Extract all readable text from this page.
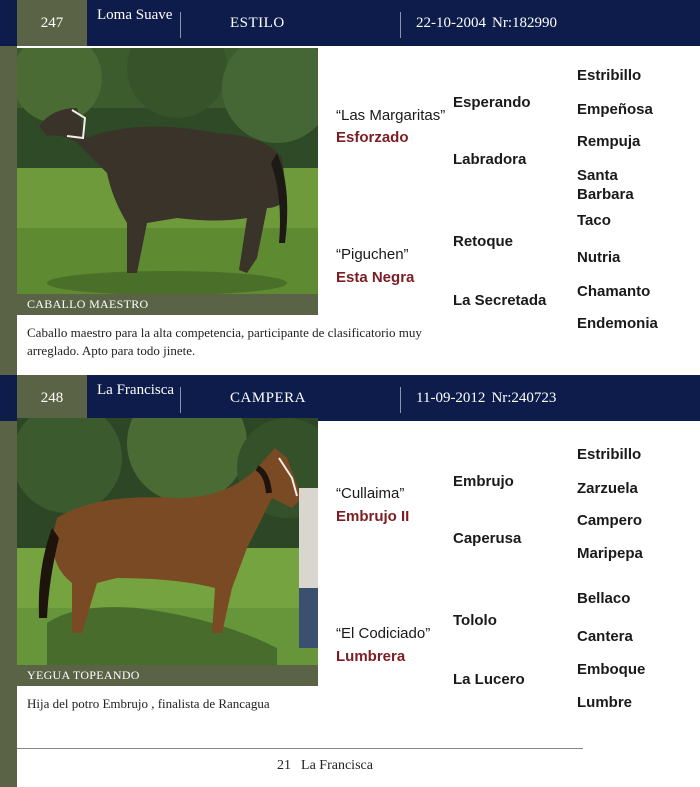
247	Loma Suave	ESTILO	22-10-2004 Nr:182990
CABALLO MAESTRO
Caballo maestro para la alta competencia, participante de clasificatorio muy arreglado. Apto para todo jinete.
“Las Margaritas”
Esforzado
“Piguchen”
Esta Negra
Esperando
Labradora
Retoque
La Secretada
Estribillo
Empeñosa
Rempuja
Santa Barbara
Taco
Nutria
Chamanto
Endemonia
248	La Francisca	CAMPERA	11-09-2012 Nr:240723
YEGUA TOPEANDO
Hija del potro Embrujo , finalista de Rancagua
“Cullaima”
Embrujo II
“El Codiciado”
Lumbrera
Embrujo
Caperusa
Tololo
La Lucero
Estribillo
Zarzuela
Campero
Maripepa
Bellaco
Cantera
Emboque
Lumbre
21 La Francisca
